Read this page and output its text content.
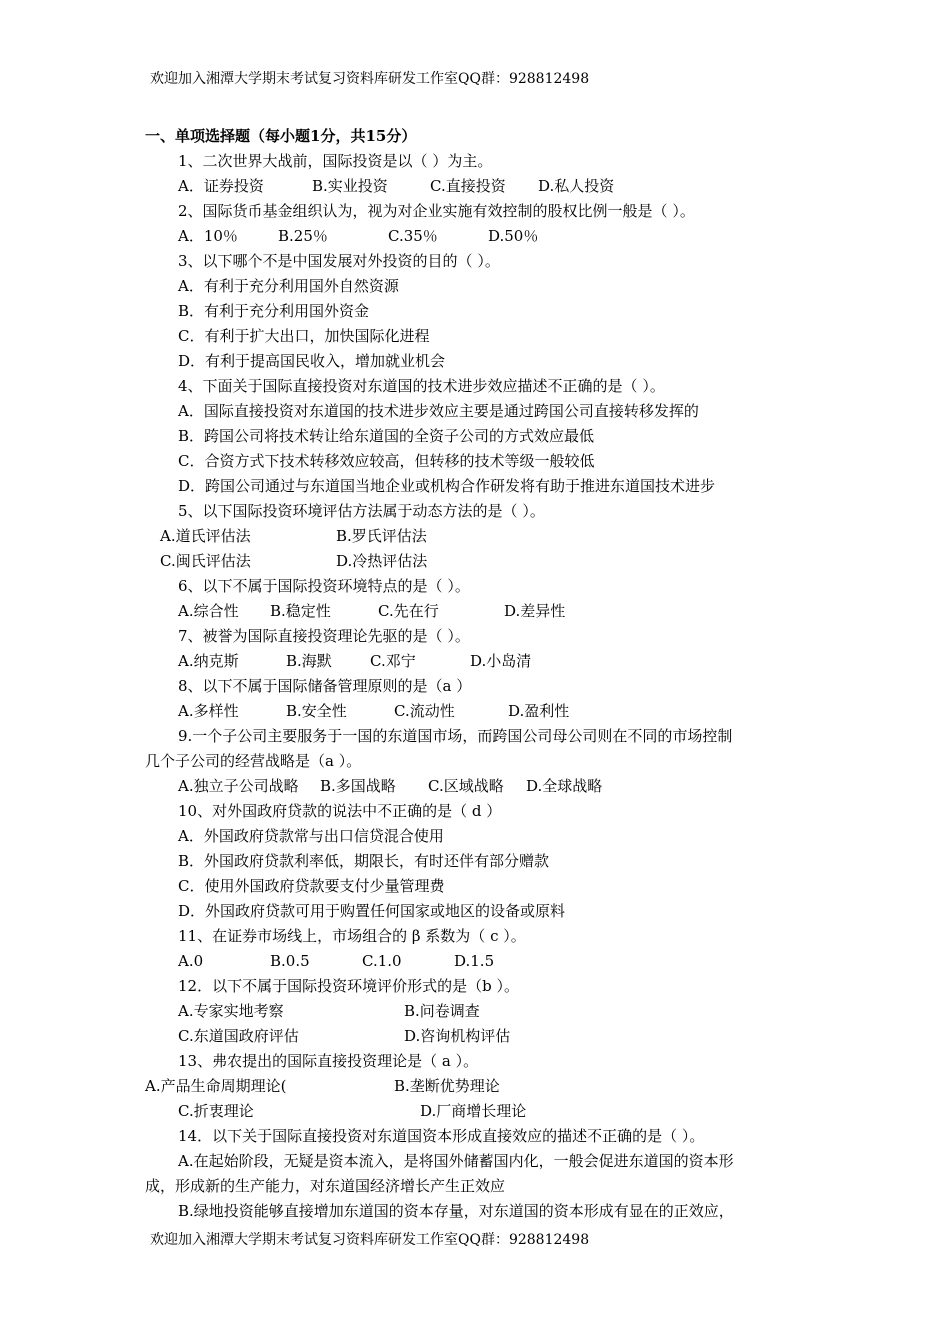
欢迎加入湘潭大学期末考试复习资料库研发工作室QQ群：928812498
一、单项选择题（每小题1分，共15分）
1、二次世界大战前，国际投资是以（ ）为主。
A．证券投资	B.实业投资	C.直接投资 D.私人投资
2、国际货币基金组织认为，视为对企业实施有效控制的股权比例一般是（ ）。
A．10％	B.25％	C.35％	D.50％
3、以下哪个不是中国发展对外投资的目的（ ）。
A．有利于充分利用国外自然资源
B．有利于充分利用国外资金
C．有利于扩大出口，加快国际化进程
D．有利于提高国民收入，增加就业机会
4、下面关于国际直接投资对东道国的技术进步效应描述不正确的是（ ）。
A．国际直接投资对东道国的技术进步效应主要是通过跨国公司直接转移发挥的
B．跨国公司将技术转让给东道国的全资子公司的方式效应最低
C．合资方式下技术转移效应较高，但转移的技术等级一般较低
D．跨国公司通过与东道国当地企业或机构合作研发将有助于推进东道国技术进步
5、以下国际投资环境评估方法属于动态方法的是（ ）。
A.道氏评估法	B.罗氏评估法
C.闽氏评估法	D.冷热评估法
6、以下不属于国际投资环境特点的是（ ）。
A.综合性 B.稳定性	C.先在行	D.差异性
7、被誉为国际直接投资理论先驱的是（ ）。
A.纳克斯	B.海默	C.邓宁	D.小岛清
8、以下不属于国际储备管理原则的是（a ）
A.多样性	B.安全性	C.流动性	D.盈利性
9.一个子公司主要服务于一国的东道国市场，而跨国公司母公司则在不同的市场控制
几个子公司的经营战略是（a ）。
A.独立子公司战略 B.多国战略 C.区域战略 D.全球战略
10、对外国政府贷款的说法中不正确的是（ d ）
A．外国政府贷款常与出口信贷混合使用
B．外国政府贷款利率低，期限长，有时还伴有部分赠款
C．使用外国政府贷款要支付少量管理费
D．外国政府贷款可用于购置任何国家或地区的设备或原料
11、在证券市场线上，市场组合的 β 系数为（ c ）。
A.0	B.0.5	C.1.0	D.1.5
12．以下不属于国际投资环境评价形式的是（b ）。
A.专家实地考察	B.问卷调查
C.东道国政府评估	D.咨询机构评估
13、弗农提出的国际直接投资理论是（ a ）。
A.产品生命周期理论(	B.垄断优势理论
C.折衷理论	D.厂商增长理论
14．以下关于国际直接投资对东道国资本形成直接效应的描述不正确的是（ ）。
A.在起始阶段，无疑是资本流入，是将国外储蓄国内化，一般会促进东道国的资本形
成，形成新的生产能力，对东道国经济增长产生正效应
B.绿地投资能够直接增加东道国的资本存量，对东道国的资本形成有显在的正效应，
欢迎加入湘潭大学期末考试复习资料库研发工作室QQ群：928812498
